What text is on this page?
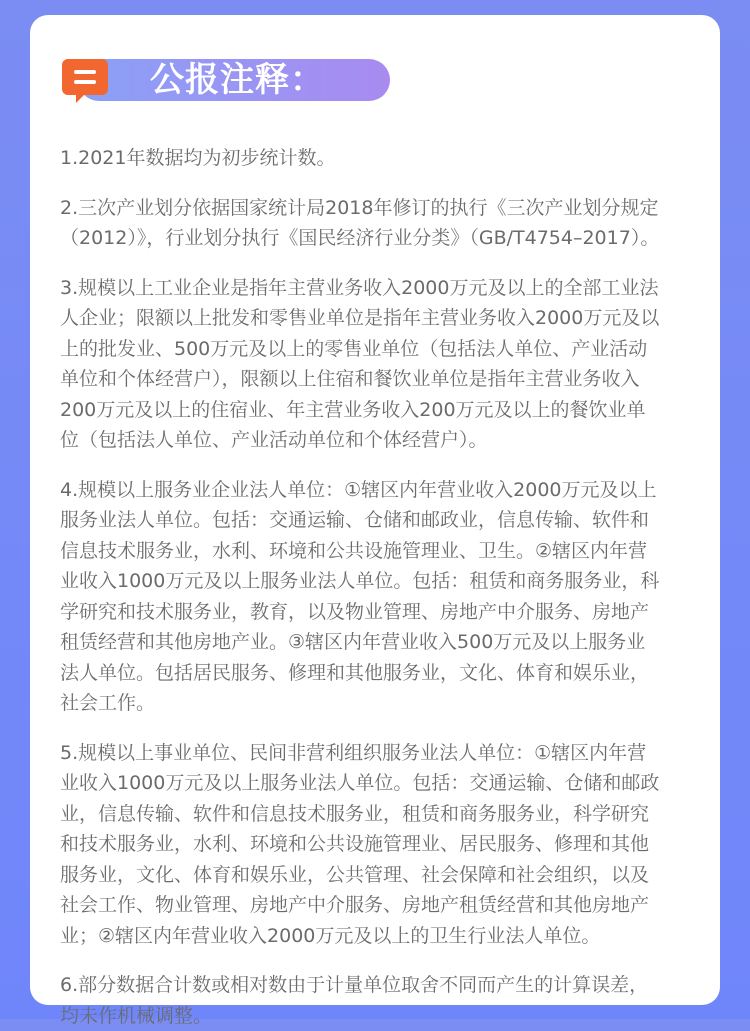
公报注释：

1.2021年数据均为初步统计数。

2.三次产业划分依据国家统计局2018年修订的执行《三次产业划分规定
（2012）》，行业划分执行《国民经济行业分类》（GB/T4754–2017）。

3.规模以上工业企业是指年主营业务收入2000万元及以上的全部工业法
人企业；限额以上批发和零售业单位是指年主营业务收入2000万元及以
上的批发业、500万元及以上的零售业单位（包括法人单位、产业活动
单位和个体经营户），限额以上住宿和餐饮业单位是指年主营业务收入
200万元及以上的住宿业、年主营业务收入200万元及以上的餐饮业单
位（包括法人单位、产业活动单位和个体经营户）。

4.规模以上服务业企业法人单位：①辖区内年营业收入2000万元及以上
服务业法人单位。包括：交通运输、仓储和邮政业，信息传输、软件和
信息技术服务业，水利、环境和公共设施管理业、卫生。②辖区内年营
业收入1000万元及以上服务业法人单位。包括：租赁和商务服务业，科
学研究和技术服务业，教育，以及物业管理、房地产中介服务、房地产
租赁经营和其他房地产业。③辖区内年营业收入500万元及以上服务业
法人单位。包括居民服务、修理和其他服务业，文化、体育和娱乐业，
社会工作。

5.规模以上事业单位、民间非营利组织服务业法人单位：①辖区内年营
业收入1000万元及以上服务业法人单位。包括：交通运输、仓储和邮政
业，信息传输、软件和信息技术服务业，租赁和商务服务业，科学研究
和技术服务业，水利、环境和公共设施管理业、居民服务、修理和其他
服务业，文化、体育和娱乐业，公共管理、社会保障和社会组织，以及
社会工作、物业管理、房地产中介服务、房地产租赁经营和其他房地产
业；②辖区内年营业收入2000万元及以上的卫生行业法人单位。

6.部分数据合计数或相对数由于计量单位取舍不同而产生的计算误差，
均未作机械调整。
